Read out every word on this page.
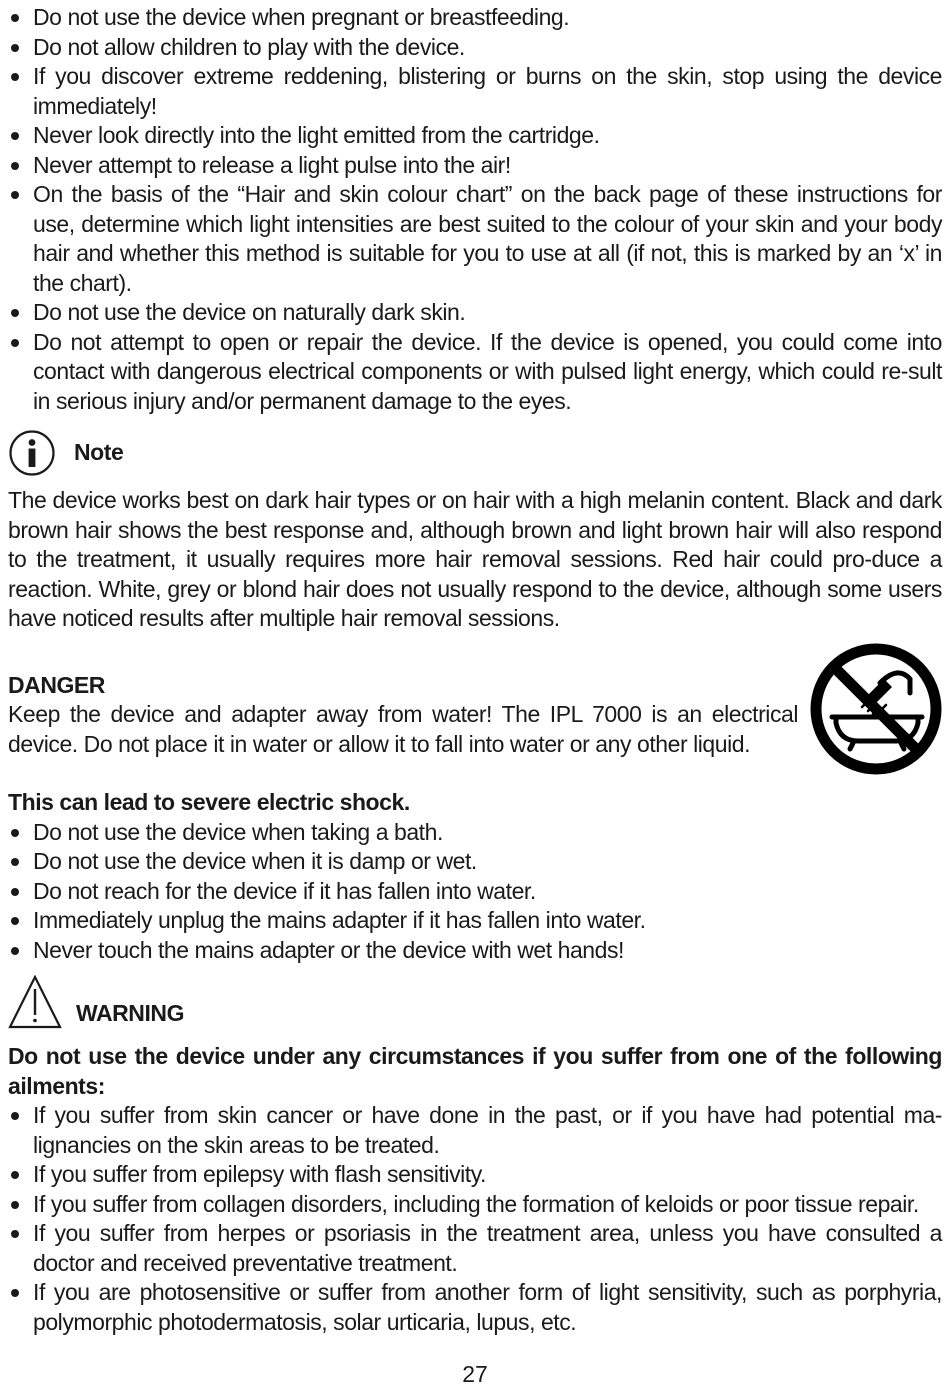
Do not use the device when pregnant or breastfeeding.
Do not allow children to play with the device.
If you discover extreme reddening, blistering or burns on the skin, stop using the device immediately!
Never look directly into the light emitted from the cartridge.
Never attempt to release a light pulse into the air!
On the basis of the “Hair and skin colour chart” on the back page of these instructions for use, determine which light intensities are best suited to the colour of your skin and your body hair and whether this method is suitable for you to use at all (if not, this is marked by an ‘x’ in the chart).
Do not use the device on naturally dark skin.
Do not attempt to open or repair the device. If the device is opened, you could come into contact with dangerous electrical components or with pulsed light energy, which could re-sult in serious injury and/or permanent damage to the eyes.
Note
The device works best on dark hair types or on hair with a high melanin content. Black and dark brown hair shows the best response and, although brown and light brown hair will also respond to the treatment, it usually requires more hair removal sessions. Red hair could pro-duce a reaction. White, grey or blond hair does not usually respond to the device, although some users have noticed results after multiple hair removal sessions.
DANGER
Keep the device and adapter away from water! The IPL 7000 is an electrical device. Do not place it in water or allow it to fall into water or any other liquid.
This can lead to severe electric shock.
Do not use the device when taking a bath.
Do not use the device when it is damp or wet.
Do not reach for the device if it has fallen into water.
Immediately unplug the mains adapter if it has fallen into water.
Never touch the mains adapter or the device with wet hands!
WARNING
Do not use the device under any circumstances if you suffer from one of the following ailments:
If you suffer from skin cancer or have done in the past, or if you have had potential ma-lignancies on the skin areas to be treated.
If you suffer from epilepsy with flash sensitivity.
If you suffer from collagen disorders, including the formation of keloids or poor tissue repair.
If you suffer from herpes or psoriasis in the treatment area, unless you have consulted a doctor and received preventative treatment.
If you are photosensitive or suffer from another form of light sensitivity, such as porphyria, polymorphic photodermatosis, solar urticaria, lupus, etc.
27
